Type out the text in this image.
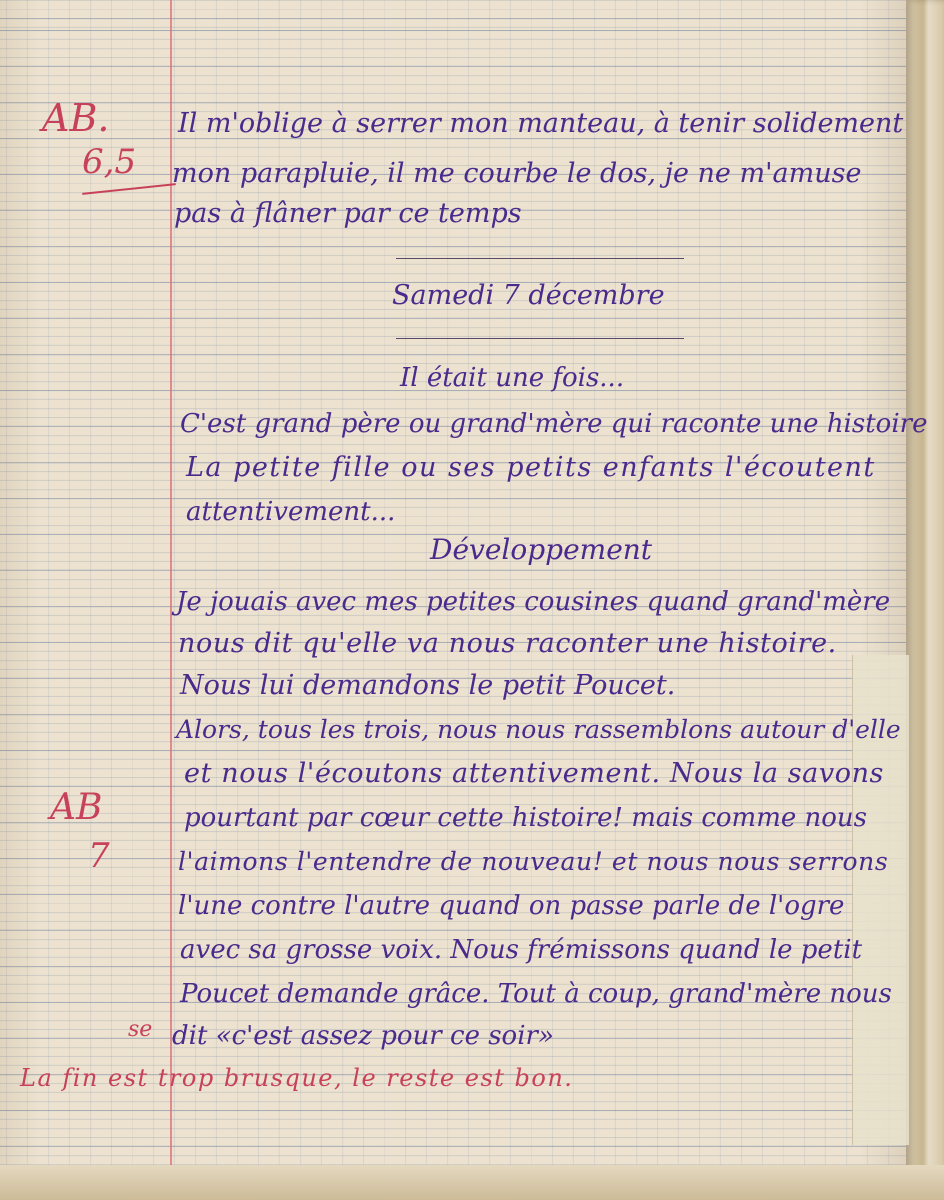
AB.
6,5
AB
7
se
La fin est trop brusque, le reste est bon.
Il m'oblige à serrer mon manteau, à tenir solidement
mon parapluie, il me courbe le dos, je ne m'amuse
pas à flâner par ce temps
Samedi 7 décembre
Il était une fois...
C'est grand père ou grand'mère qui raconte une histoire
La petite fille ou ses petits enfants l'écoutent
attentivement...
Développement
Je jouais avec mes petites cousines quand grand'mère
nous dit qu'elle va nous raconter une histoire.
Nous lui demandons le petit Poucet.
Alors, tous les trois, nous nous rassemblons autour d'elle
et nous l'écoutons attentivement. Nous la savons
pourtant par cœur cette histoire! mais comme nous
l'aimons l'entendre de nouveau! et nous nous serrons
l'une contre l'autre quand on passe parle de l'ogre
avec sa grosse voix. Nous frémissons quand le petit
Poucet demande grâce. Tout à coup, grand'mère nous
dit «c'est assez pour ce soir»
